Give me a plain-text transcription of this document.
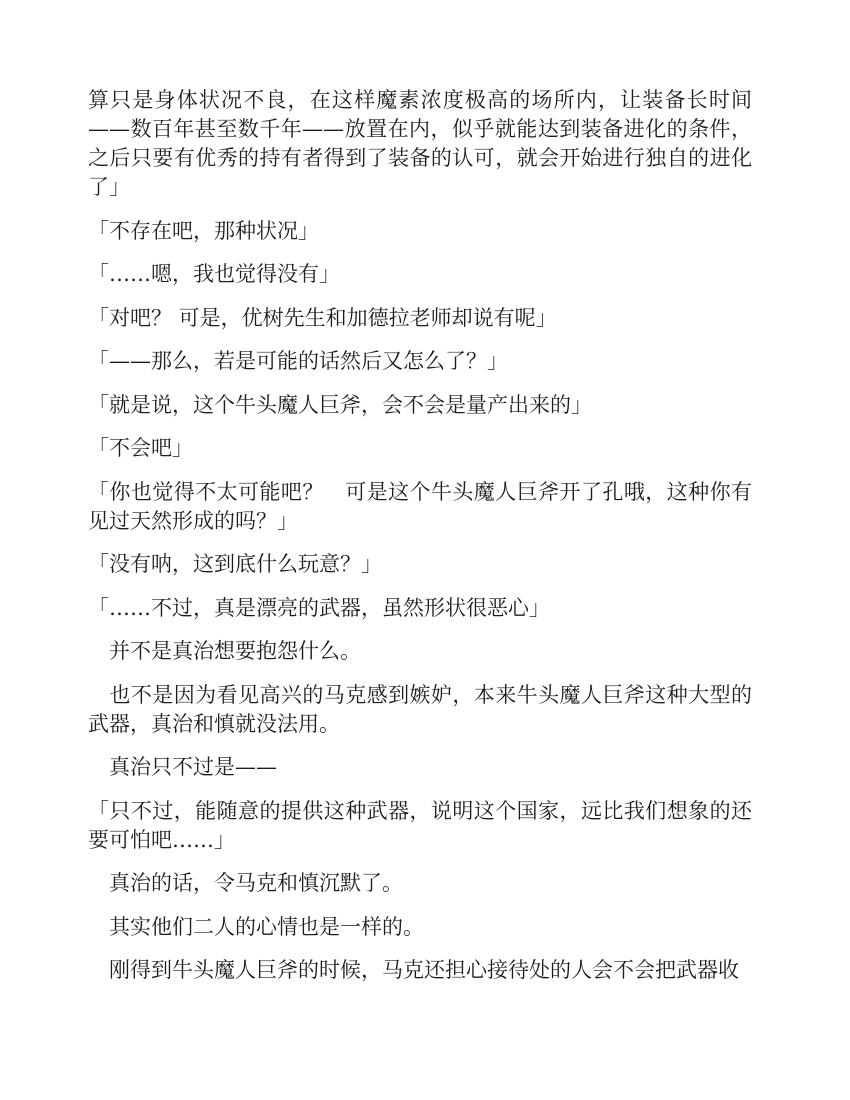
算只是身体状况不良，在这样魔素浓度极高的场所内，让装备长时间——数百年甚至数千年——放置在内，似乎就能达到装备进化的条件，之后只要有优秀的持有者得到了装备的认可，就会开始进行独自的进化了」

「不存在吧，那种状况」

「……嗯，我也觉得没有」

「对吧？ 可是，优树先生和加德拉老师却说有呢」

「——那么，若是可能的话然后又怎么了？」

「就是说，这个牛头魔人巨斧，会不会是量产出来的」

「不会吧」

「你也觉得不太可能吧？　可是这个牛头魔人巨斧开了孔哦，这种你有见过天然形成的吗？」

「没有呐，这到底什么玩意？」

「……不过，真是漂亮的武器，虽然形状很恶心」

　并不是真治想要抱怨什么。

　也不是因为看见高兴的马克感到嫉妒，本来牛头魔人巨斧这种大型的武器，真治和慎就没法用。

　真治只不过是——

「只不过，能随意的提供这种武器，说明这个国家，远比我们想象的还要可怕吧……」

　真治的话，令马克和慎沉默了。

　其实他们二人的心情也是一样的。

　刚得到牛头魔人巨斧的时候，马克还担心接待处的人会不会把武器收
